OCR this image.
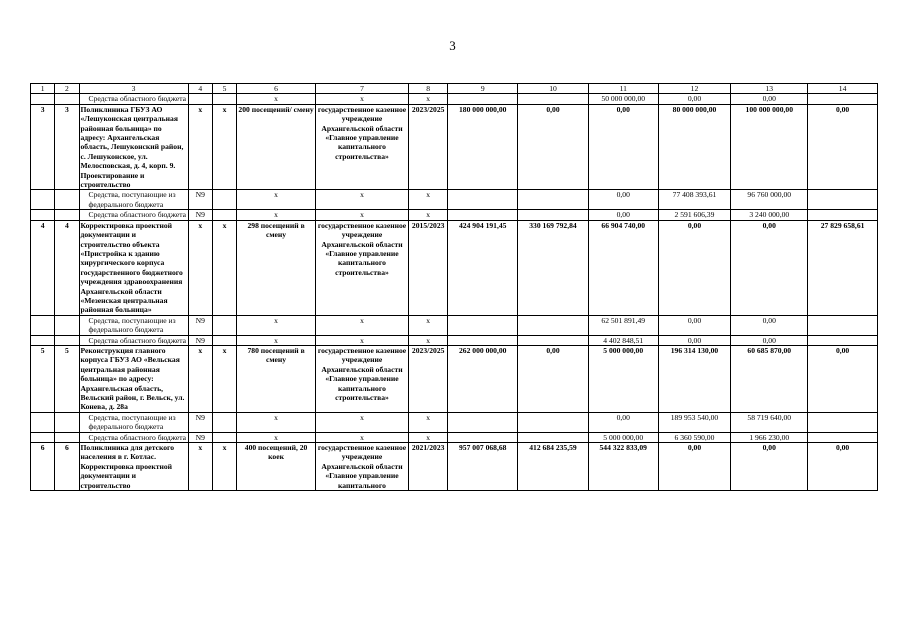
3
1	2	3	4	5	6	7	8	9	10	11	12	13	14
		Средства областного бюджета			х	х	х			50 000 000,00	0,00	0,00	
3	3	Поликлиника ГБУЗ АО «Лешуконская центральная районная больница» по адресу: Архангельская область, Лешуконский район, с. Лешуконское, ул. Мелосповская, д. 4, корп. 9. Проектирование и строительство	х	х	200 посещений/ смену	государственное казенное учреждение Архангельской области «Главное управление капитального строительства»	2023/2025	180 000 000,00	0,00	0,00	80 000 000,00	100 000 000,00	0,00
		Средства, поступающие из федерального бюджета	N9		х	х	х			0,00	77 408 393,61	96 760 000,00	
		Средства областного бюджета	N9		х	х	х			0,00	2 591 606,39	3 240 000,00	
4	4	Корректировка проектной документации и строительство объекта «Пристройка к зданию хирургического корпуса государственного бюджетного учреждения здравоохранения Архангельской области «Мезенская центральная районная больница»	х	х	298 посещений в смену	государственное казенное учреждение Архангельской области «Главное управление капитального строительства»	2015/2023	424 904 191,45	330 169 792,84	66 904 740,00	0,00	0,00	27 829 658,61
		Средства, поступающие из федерального бюджета	N9		х	х	х			62 501 891,49	0,00	0,00	
		Средства областного бюджета	N9		х	х	х			4 402 848,51	0,00	0,00	
5	5	Реконструкция главного корпуса ГБУЗ АО «Вельская центральная районная больница» по адресу: Архангельская область, Вельский район, г. Вельск, ул. Конева, д. 28а	х	х	780 посещений в смену	государственное казенное учреждение Архангельской области «Главное управление капитального строительства»	2023/2025	262 000 000,00	0,00	5 000 000,00	196 314 130,00	60 685 870,00	0,00
		Средства, поступающие из федерального бюджета	N9		х	х	х			0,00	189 953 540,00	58 719 640,00	
		Средства областного бюджета	N9		х	х	х			5 000 000,00	6 360 590,00	1 966 230,00	
6	6	Поликлиника для детского населения в г. Котлас. Корректировка проектной документации и строительство	х	х	400 посещений, 20 коек	государственное казенное учреждение Архангельской области «Главное управление капитального	2021/2023	957 007 068,68	412 684 235,59	544 322 833,09	0,00	0,00	0,00
